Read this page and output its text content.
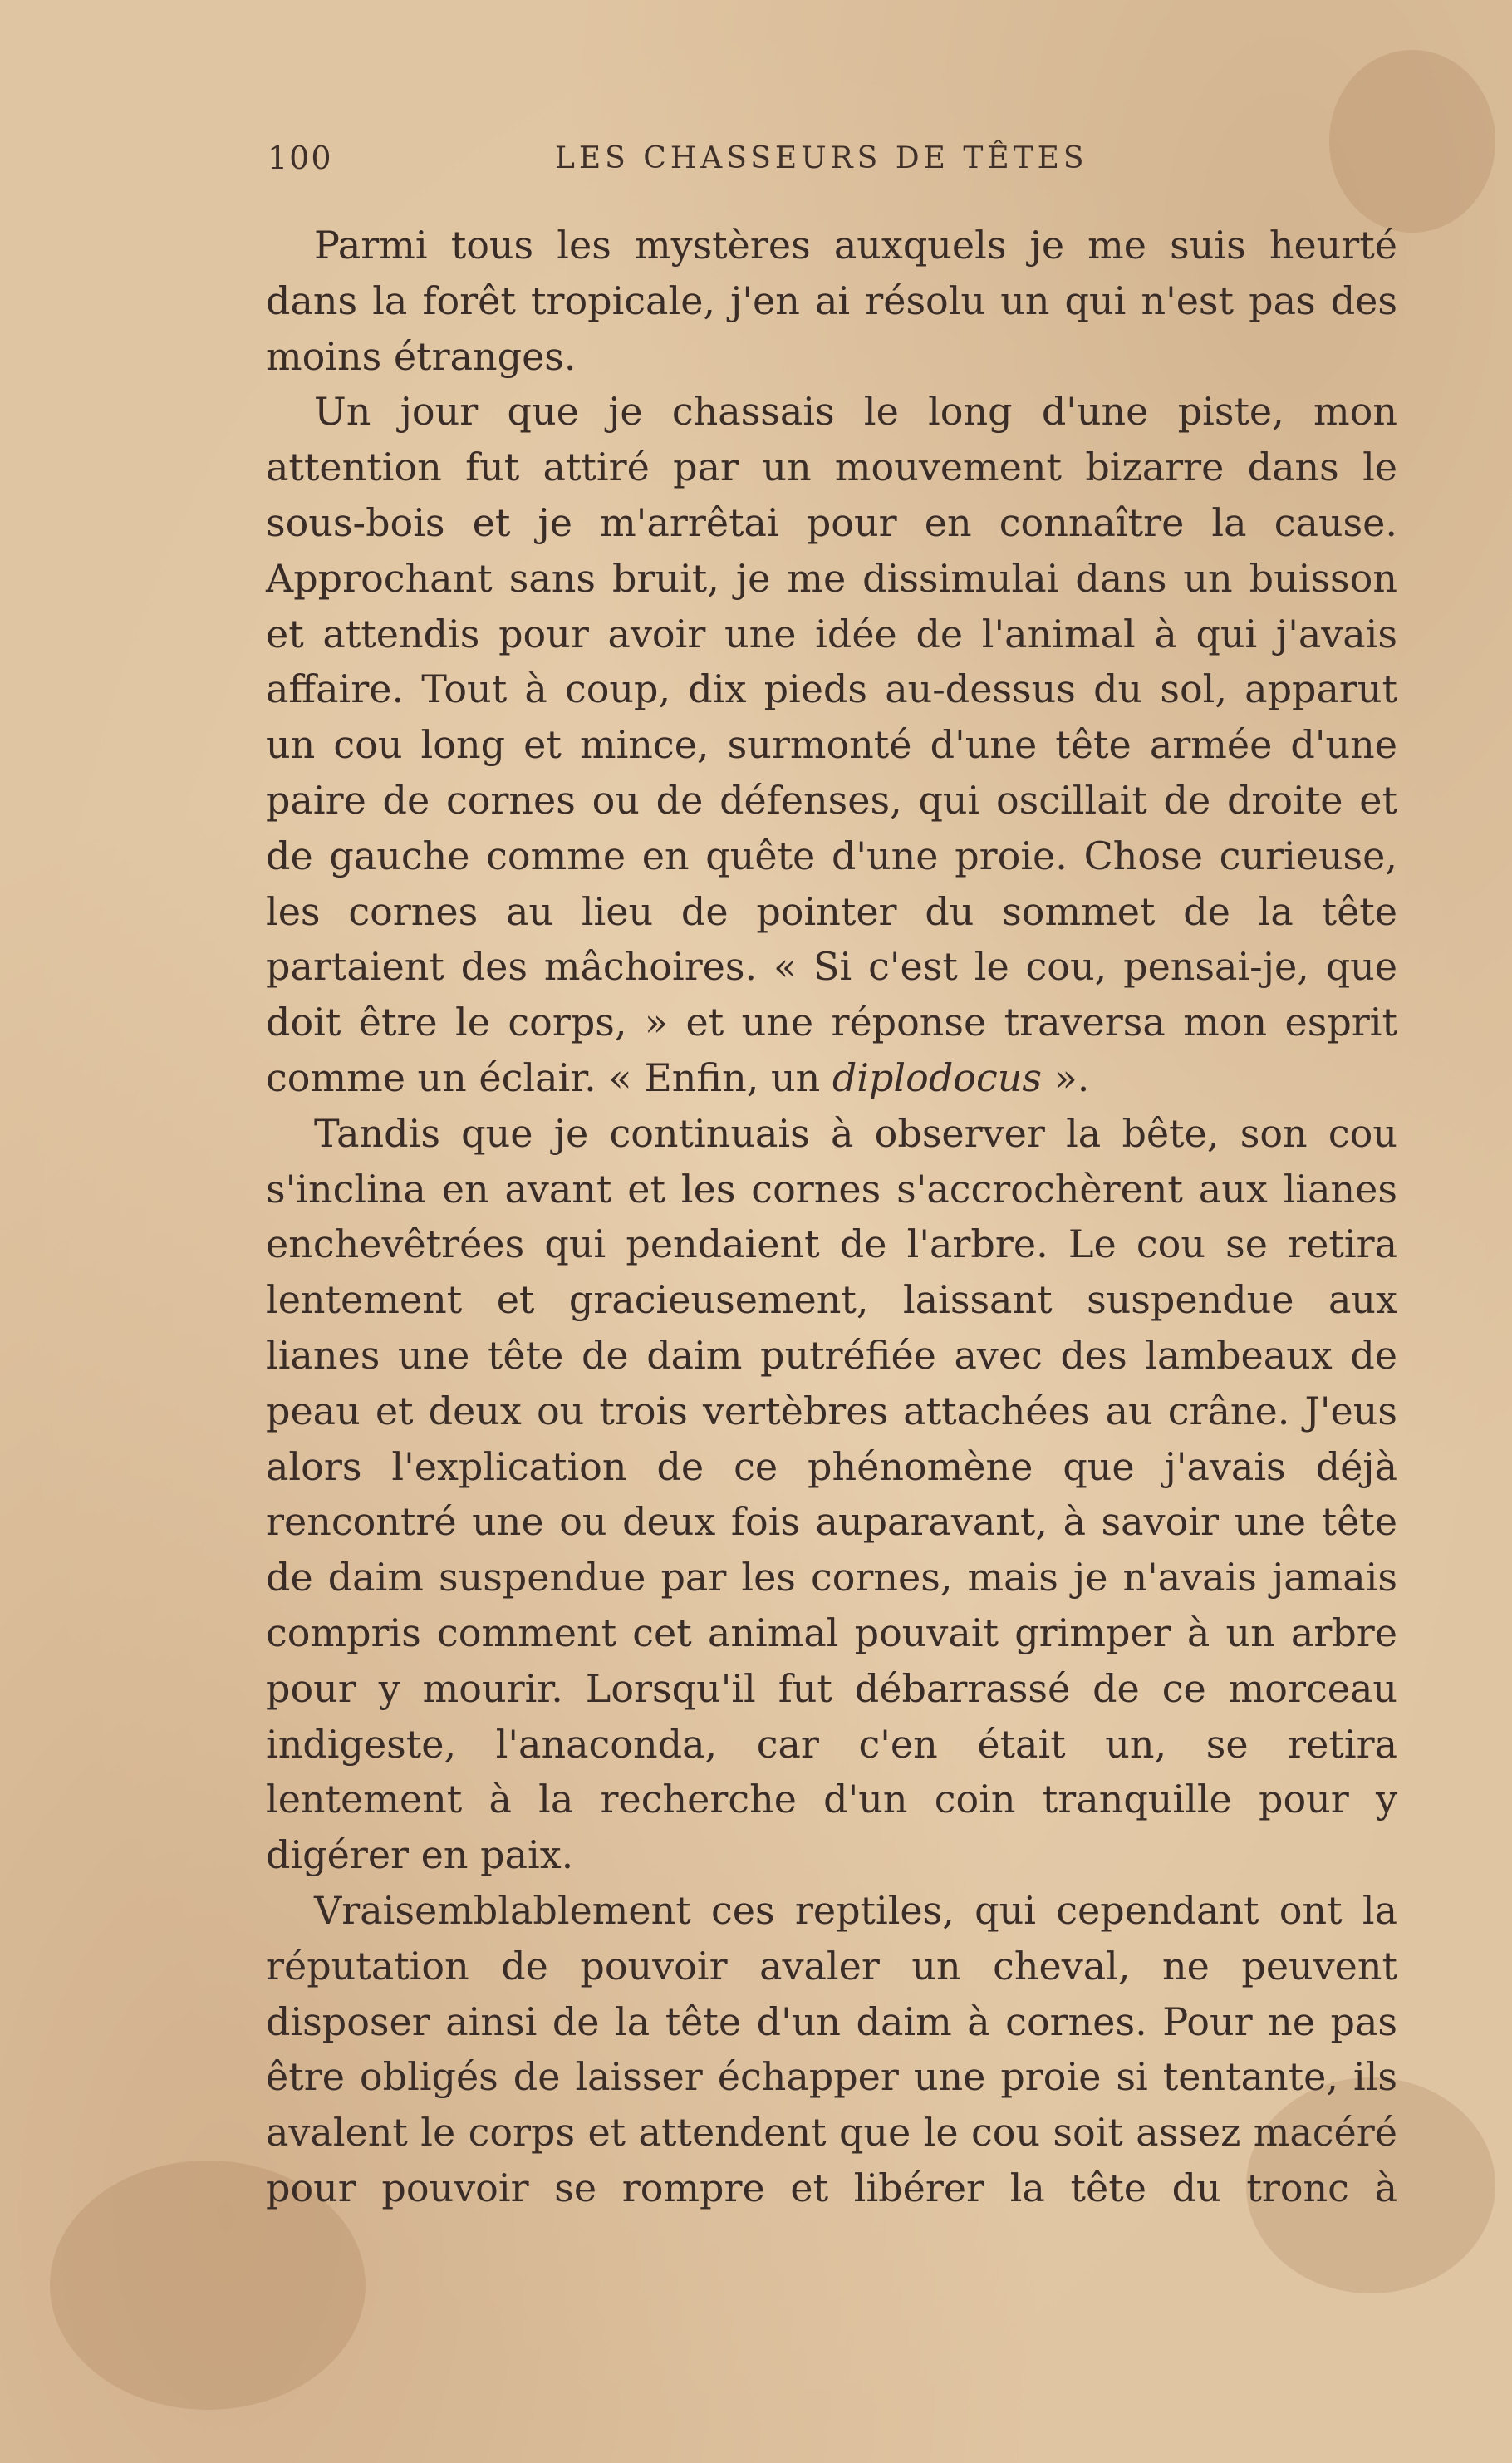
100	LES CHASSEURS DE TÊTES

Parmi tous les mystères auxquels je me suis heurté dans la forêt tropicale, j'en ai résolu un qui n'est pas des moins étranges.

Un jour que je chassais le long d'une piste, mon attention fut attiré par un mouvement bizarre dans le sous-bois et je m'arrêtai pour en connaître la cause. Approchant sans bruit, je me dissimulai dans un buisson et attendis pour avoir une idée de l'animal à qui j'avais affaire. Tout à coup, dix pieds au-dessus du sol, apparut un cou long et mince, surmonté d'une tête armée d'une paire de cornes ou de défenses, qui oscillait de droite et de gauche comme en quête d'une proie. Chose curieuse, les cornes au lieu de pointer du sommet de la tête partaient des mâchoires. « Si c'est le cou, pensai-je, que doit être le corps, » et une réponse traversa mon esprit comme un éclair. « Enfin, un diplodocus ».

Tandis que je continuais à observer la bête, son cou s'inclina en avant et les cornes s'accrochèrent aux lianes enchevêtrées qui pendaient de l'arbre. Le cou se retira lentement et gracieusement, laissant suspendue aux lianes une tête de daim putréfiée avec des lambeaux de peau et deux ou trois vertèbres attachées au crâne. J'eus alors l'explication de ce phénomène que j'avais déjà rencontré une ou deux fois auparavant, à savoir une tête de daim suspendue par les cornes, mais je n'avais jamais compris comment cet animal pouvait grimper à un arbre pour y mourir. Lorsqu'il fut débarrassé de ce morceau indigeste, l'anaconda, car c'en était un, se retira lentement à la recherche d'un coin tranquille pour y digérer en paix.

Vraisemblablement ces reptiles, qui cependant ont la réputation de pouvoir avaler un cheval, ne peuvent disposer ainsi de la tête d'un daim à cornes. Pour ne pas être obligés de laisser échapper une proie si tentante, ils avalent le corps et attendent que le cou soit assez macéré pour pouvoir se rompre et libérer la tête du tronc à
